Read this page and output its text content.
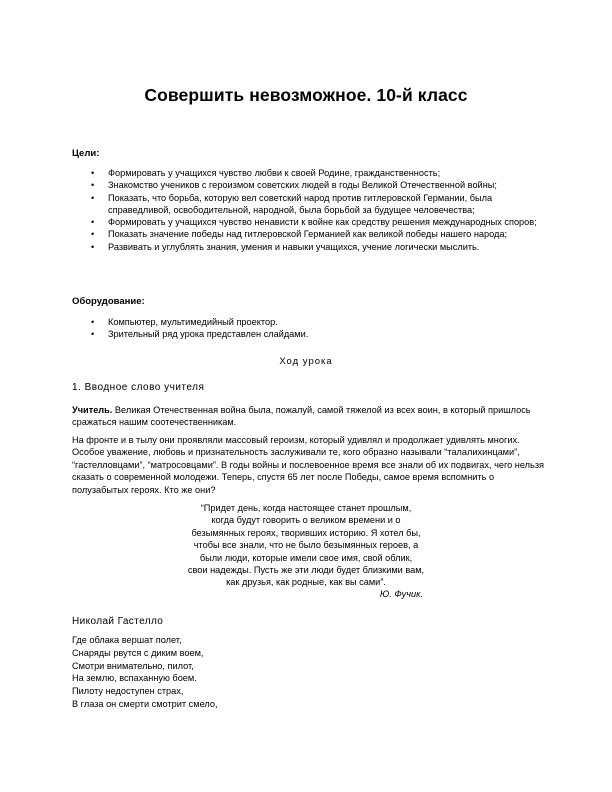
Совершить невозможное. 10-й класс
Цели:
• Формировать у учащихся чувство любви к своей Родине, гражданственность;
• Знакомство учеников с героизмом советских людей в годы Великой Отечественной войны;
• Показать, что борьба, которую вел советский народ против гитлеровской Германии, была справедливой, освободительной, народной, была борьбой за будущее человечества;
• Формировать у учащихся чувство ненависти к войне как средству решения международных споров;
• Показать значение победы над гитлеровской Германией как великой победы нашего народа;
• Развивать и углублять знания, умения и навыки учащихся, учение логически мыслить.
Оборудование:
• Компьютер, мультимедийный проектор.
• Зрительный ряд урока представлен слайдами.
Ход урока
1. Вводное слово учителя

Учитель. Великая Отечественная война была, пожалуй, самой тяжелой из всех воин, в который пришлось сражаться нашим соотечественникам.

На фронте и в тылу они проявляли массовый героизм, который удивлял и продолжает удивлять многих. Особое уважение, любовь и признательность заслуживали те, кого образно называли “талалихинцами”, “гастелловцами”, “матросовцами”. В годы войны и послевоенное время все знали об их подвигах, чего нельзя сказать о современной молодежи. Теперь, спустя 65 лет после Победы, самое время вспомнить о полузабытых героях. Кто же они?

“Придет день, когда настоящее станет прошлым,
когда будут говорить о великом времени и о
безымянных героях, творивших историю. Я хотел бы,
чтобы все знали, что не было безымянных героев, а
были люди, которые имели свое имя, свой облик,
свои надежды. Пусть же эти люди будет близкими вам,
как друзья, как родные, как вы сами”.
Ю. Фучик.
Николай Гастелло
Где облака вершат полет,
Снаряды рвутся с диким воем,
Смотри внимательно, пилот,
На землю, вспаханную боем.
Пилоту недоступен страх,
В глаза он смерти смотрит смело,
